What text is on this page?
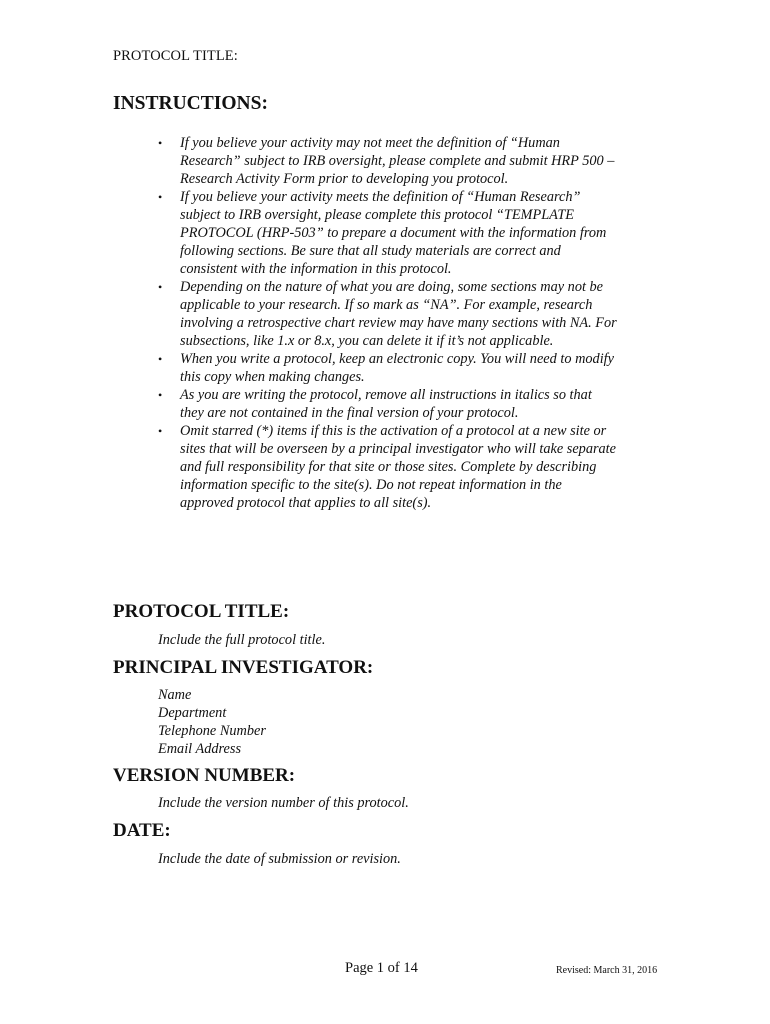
PROTOCOL TITLE:
INSTRUCTIONS:
• If you believe your activity may not meet the definition of “Human Research” subject to IRB oversight, please complete and submit HRP 500 – Research Activity Form prior to developing you protocol.
• If you believe your activity meets the definition of “Human Research” subject to IRB oversight, please complete this protocol “TEMPLATE PROTOCOL (HRP-503” to prepare a document with the information from following sections. Be sure that all study materials are correct and consistent with the information in this protocol.
• Depending on the nature of what you are doing, some sections may not be applicable to your research. If so mark as “NA”. For example, research involving a retrospective chart review may have many sections with NA. For subsections, like 1.x or 8.x, you can delete it if it’s not applicable.
• When you write a protocol, keep an electronic copy. You will need to modify this copy when making changes.
• As you are writing the protocol, remove all instructions in italics so that they are not contained in the final version of your protocol.
• Omit starred (*) items if this is the activation of a protocol at a new site or sites that will be overseen by a principal investigator who will take separate and full responsibility for that site or those sites. Complete by describing information specific to the site(s). Do not repeat information in the approved protocol that applies to all site(s).
PROTOCOL TITLE:
Include the full protocol title.
PRINCIPAL INVESTIGATOR:
Name
Department
Telephone Number
Email Address
VERSION NUMBER:
Include the version number of this protocol.
DATE:
Include the date of submission or revision.
Page 1 of 14	Revised: March 31, 2016
